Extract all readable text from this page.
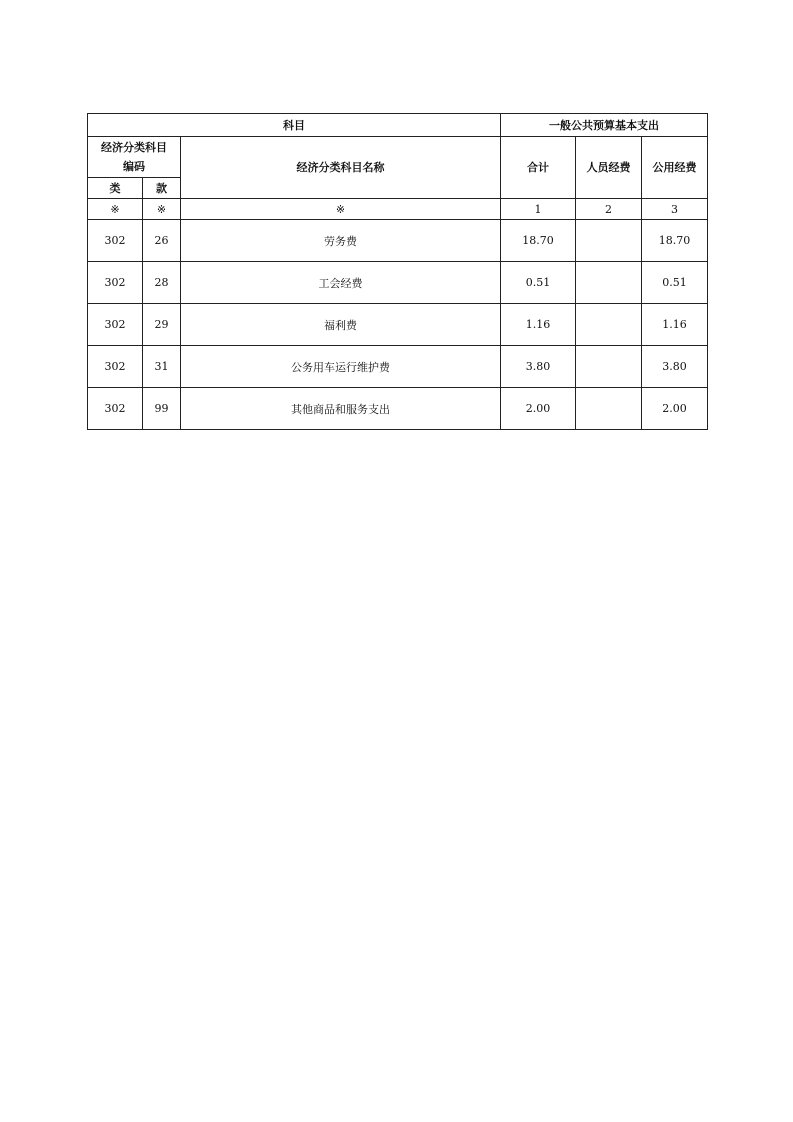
科目			一般公共预算基本支出		
经济分类科目
编码		经济分类科目名称	合计	人员经费	公用经费
类	款				
※	※	※	1	2	3
302	26	劳务费	18.70		18.70
302	28	工会经费	0.51		0.51
302	29	福利费	1.16		1.16
302	31	公务用车运行维护费	3.80		3.80
302	99	其他商品和服务支出	2.00		2.00
